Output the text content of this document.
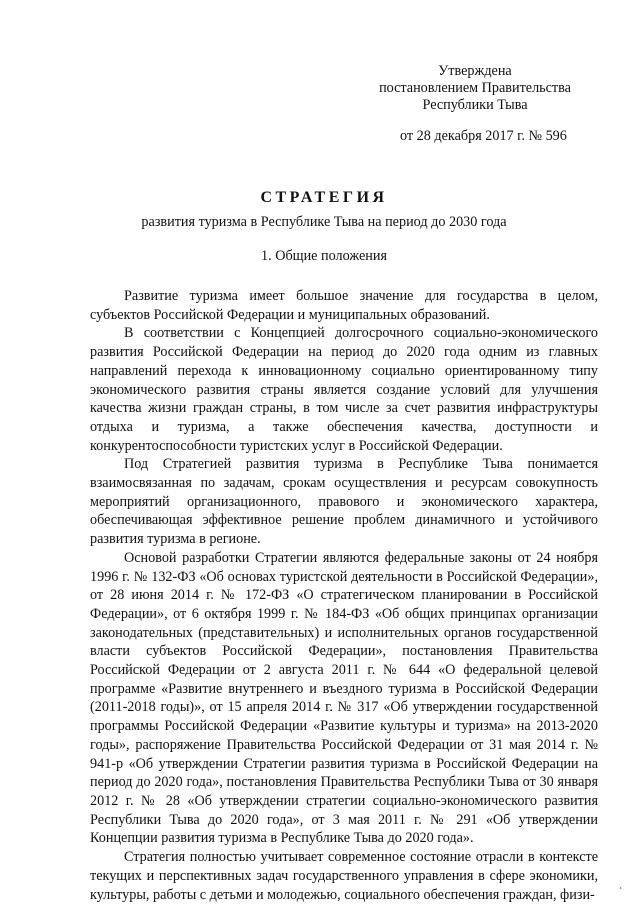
Утверждена
постановлением Правительства
Республики Тыва
от 28 декабря 2017 г. № 596
СТРАТЕГИЯ
развития туризма в Республике Тыва на период до 2030 года
1. Общие положения

Развитие туризма имеет большое значение для государства в целом, субъектов Российской Федерации и муниципальных образований.

В соответствии с Концепцией долгосрочного социально-экономического развития Российской Федерации на период до 2020 года одним из главных направлений перехода к инновационному социально ориентированному типу экономического развития страны является создание условий для улучшения качества жизни граждан страны, в том числе за счет развития инфраструктуры отдыха и туризма, а также обеспечения качества, доступности и конкурентоспособности туристских услуг в Российской Федерации.

Под Стратегией развития туризма в Республике Тыва понимается взаимосвязанная по задачам, срокам осуществления и ресурсам совокупность мероприятий организационного, правового и экономического характера, обеспечивающая эффективное решение проблем динамичного и устойчивого развития туризма в регионе.

Основой разработки Стратегии являются федеральные законы от 24 ноября 1996 г. № 132-ФЗ «Об основах туристской деятельности в Российской Федерации», от 28 июня 2014 г. № 172-ФЗ «О стратегическом планировании в Российской Федерации», от 6 октября 1999 г. № 184-ФЗ «Об общих принципах организации законодательных (представительных) и исполнительных органов государственной власти субъектов Российской Федерации», постановления Правительства Российской Федерации от 2 августа 2011 г. № 644 «О федеральной целевой программе «Развитие внутреннего и въездного туризма в Российской Федерации (2011-2018 годы)», от 15 апреля 2014 г. № 317 «Об утверждении государственной программы Российской Федерации «Развитие культуры и туризма» на 2013-2020 годы», распоряжение Правительства Российской Федерации от 31 мая 2014 г. № 941-р «Об утверждении Стратегии развития туризма в Российской Федерации на период до 2020 года», постановления Правительства Республики Тыва от 30 января 2012 г. № 28 «Об утверждении стратегии социально-экономического развития Республики Тыва до 2020 года», от 3 мая 2011 г. № 291 «Об утверждении Концепции развития туризма в Республике Тыва до 2020 года».

Стратегия полностью учитывает современное состояние отрасли в контексте текущих и перспективных задач государственного управления в сфере экономики, культуры, работы с детьми и молодежью, социального обеспечения граждан, физи-

¸
